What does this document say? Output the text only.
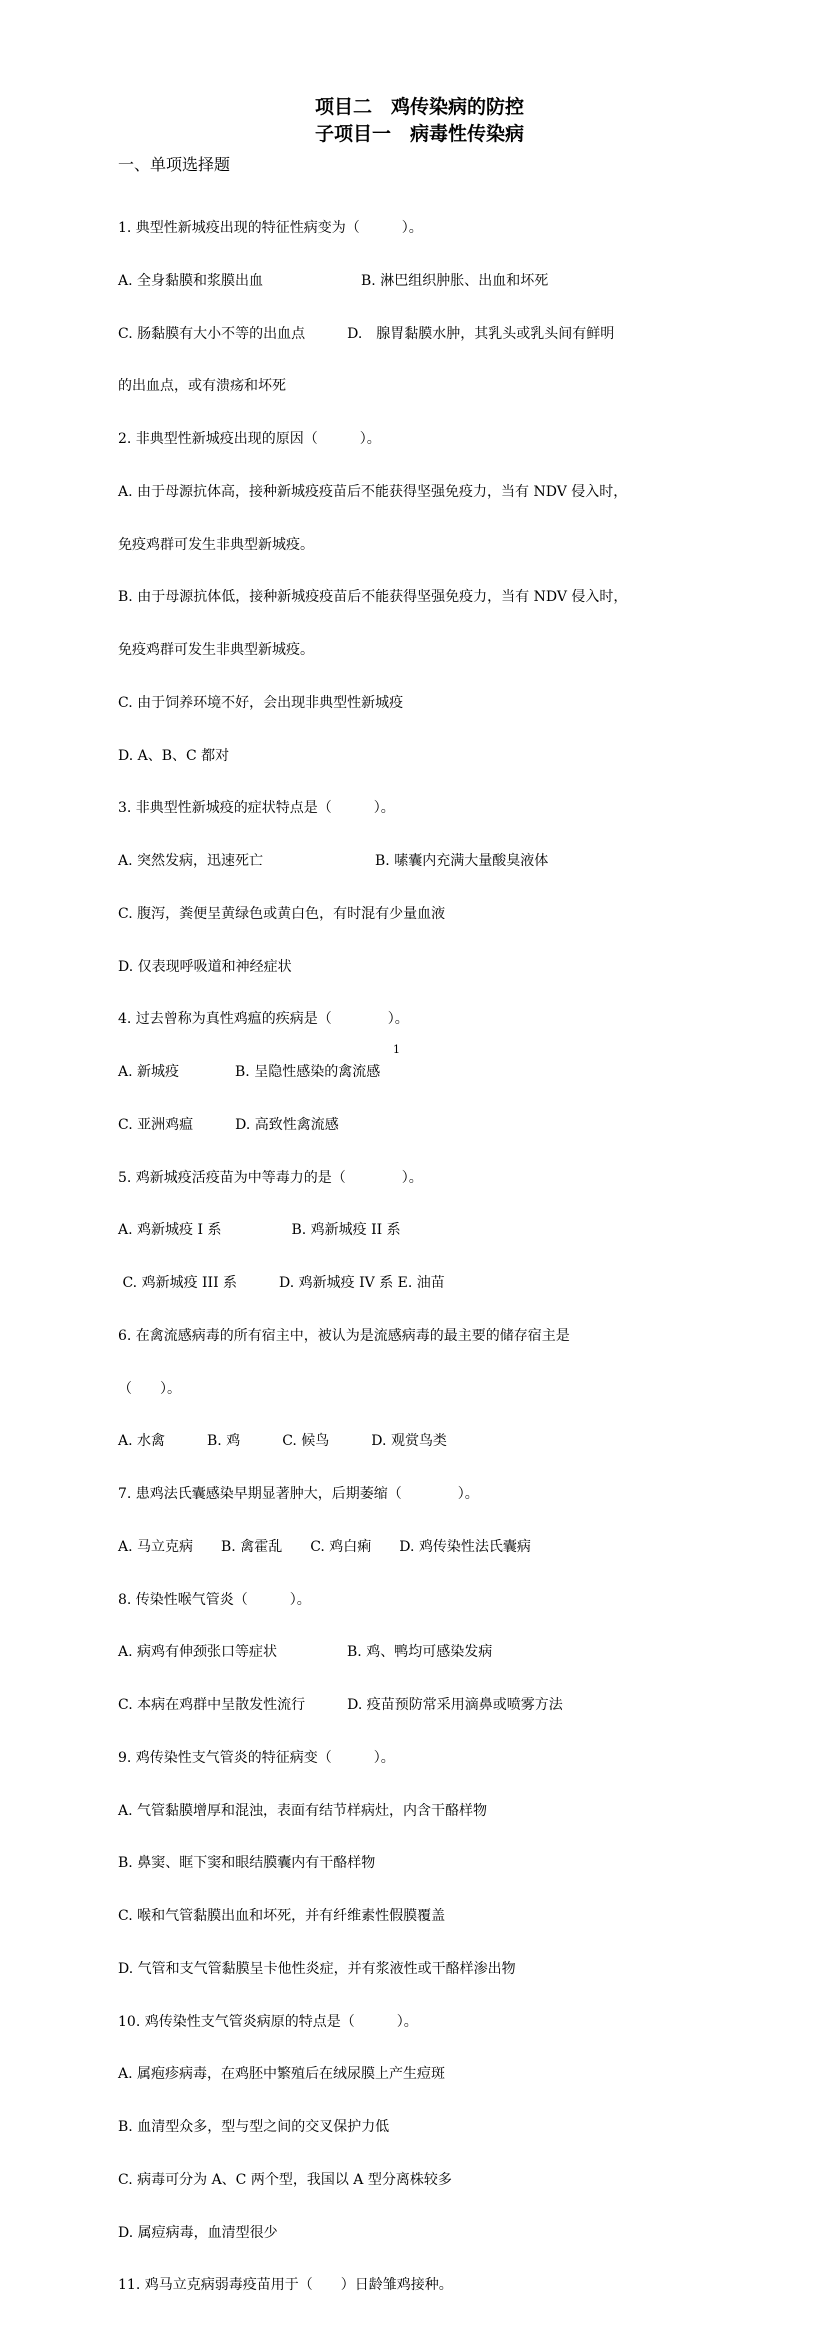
项目二　鸡传染病的防控
子项目一　病毒性传染病
一、单项选择题

1. 典型性新城疫出现的特征性病变为（　　　）。

A. 全身黏膜和浆膜出血　　　　　　　B. 淋巴组织肿胀、出血和坏死

C. 肠黏膜有大小不等的出血点　　　D.　腺胃黏膜水肿，其乳头或乳头间有鲜明

的出血点，或有溃疡和坏死

2. 非典型性新城疫出现的原因（　　　）。

A. 由于母源抗体高，接种新城疫疫苗后不能获得坚强免疫力，当有 NDV 侵入时，

免疫鸡群可发生非典型新城疫。

B. 由于母源抗体低，接种新城疫疫苗后不能获得坚强免疫力，当有 NDV 侵入时，

免疫鸡群可发生非典型新城疫。

C. 由于饲养环境不好，会出现非典型性新城疫

D. A、B、C 都对

3. 非典型性新城疫的症状特点是（　　　）。

A. 突然发病，迅速死亡　　　　　　　　B. 嗉囊内充满大量酸臭液体

C. 腹泻，粪便呈黄绿色或黄白色，有时混有少量血液

D. 仅表现呼吸道和神经症状

4. 过去曾称为真性鸡瘟的疾病是（　　　　）。

A. 新城疫　　　　B. 呈隐性感染的禽流感

C. 亚洲鸡瘟　　　D. 高致性禽流感

5. 鸡新城疫活疫苗为中等毒力的是（　　　　）。

A. 鸡新城疫 I 系　　　　　B. 鸡新城疫 II 系

C. 鸡新城疫 III 系　　　D. 鸡新城疫 IV 系 E. 油苗

6. 在禽流感病毒的所有宿主中，被认为是流感病毒的最主要的储存宿主是

（　　）。

A. 水禽　　　B. 鸡　　　C. 候鸟　　　D. 观赏鸟类

7. 患鸡法氏囊感染早期显著肿大，后期萎缩（　　　　）。

A. 马立克病　　B. 禽霍乱　　C. 鸡白痢　　D. 鸡传染性法氏囊病

8. 传染性喉气管炎（　　　）。

A. 病鸡有伸颈张口等症状　　　　　B. 鸡、鸭均可感染发病

C. 本病在鸡群中呈散发性流行　　　D. 疫苗预防常采用滴鼻或喷雾方法

9. 鸡传染性支气管炎的特征病变（　　　）。

A. 气管黏膜增厚和混浊，表面有结节样病灶，内含干酪样物

B. 鼻窦、眶下窦和眼结膜囊内有干酪样物

C. 喉和气管黏膜出血和坏死，并有纤维素性假膜覆盖

D. 气管和支气管黏膜呈卡他性炎症，并有浆液性或干酪样渗出物

10. 鸡传染性支气管炎病原的特点是（　　　）。

A. 属疱疹病毒，在鸡胚中繁殖后在绒尿膜上产生痘斑

B. 血清型众多，型与型之间的交叉保护力低

C. 病毒可分为 A、C 两个型，我国以 A 型分离株较多

D. 属痘病毒，血清型很少

11. 鸡马立克病弱毒疫苗用于（　　）日龄雏鸡接种。

1
